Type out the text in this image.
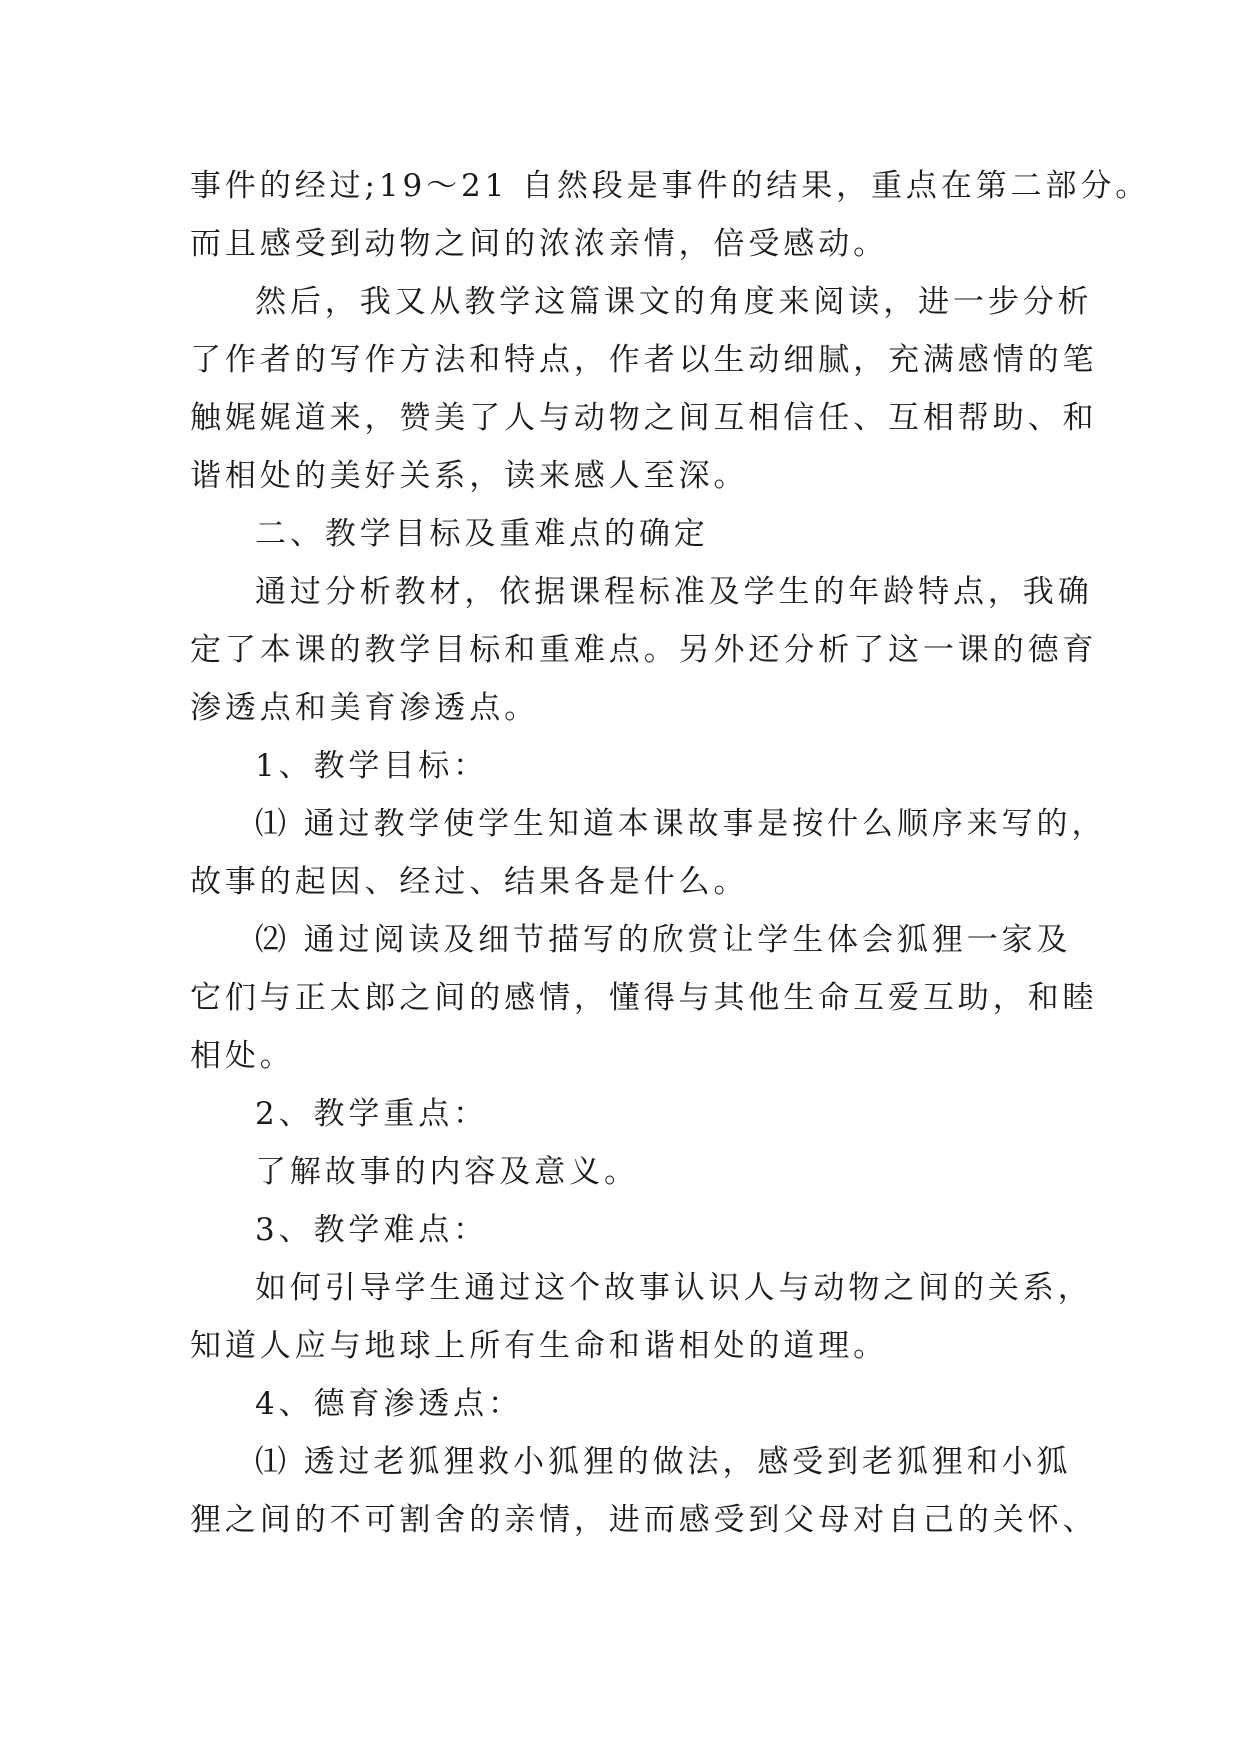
事件的经过;19～21 自然段是事件的结果，重点在第二部分。
而且感受到动物之间的浓浓亲情，倍受感动。
然后，我又从教学这篇课文的角度来阅读，进一步分析
了作者的写作方法和特点，作者以生动细腻，充满感情的笔
触娓娓道来，赞美了人与动物之间互相信任、互相帮助、和
谐相处的美好关系，读来感人至深。
二、教学目标及重难点的确定
通过分析教材，依据课程标准及学生的年龄特点，我确
定了本课的教学目标和重难点。另外还分析了这一课的德育
渗透点和美育渗透点。
1、教学目标：
⑴ 通过教学使学生知道本课故事是按什么顺序来写的，
故事的起因、经过、结果各是什么。
⑵ 通过阅读及细节描写的欣赏让学生体会狐狸一家及
它们与正太郎之间的感情，懂得与其他生命互爱互助，和睦
相处。
2、教学重点：
了解故事的内容及意义。
3、教学难点：
如何引导学生通过这个故事认识人与动物之间的关系，
知道人应与地球上所有生命和谐相处的道理。
4、德育渗透点：
⑴ 透过老狐狸救小狐狸的做法，感受到老狐狸和小狐
狸之间的不可割舍的亲情，进而感受到父母对自己的关怀、
